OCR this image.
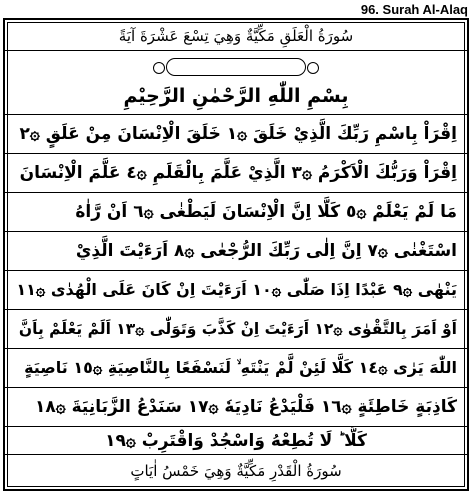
96. Surah Al-Alaq
سُورَةُ الْعَلَقِ مَكِّيَّةٌ وَهِيَ تِسْعَ عَشْرَةَ آيَةً
بِسْمِ اللّٰهِ الرَّحْمٰنِ الرَّحِيْمِ
اِقْرَاْ بِاسْمِ رَبِّكَ الَّذِيْ خَلَقَ ۞١ خَلَقَ الْاِنْسَانَ مِنْ عَلَقٍ ۞٢
اِقْرَاْ وَرَبُّكَ الْاَكْرَمُ ۞٣ الَّذِيْ عَلَّمَ بِالْقَلَمِ ۞٤ عَلَّمَ الْاِنْسَانَ
مَا لَمْ يَعْلَمْ ۞٥ كَلَّا اِنَّ الْاِنْسَانَ لَيَطْغٰى ۞٦ اَنْ رَّاٰهُ
اسْتَغْنٰى ۞٧ اِنَّ اِلٰى رَبِّكَ الرُّجْعٰى ۞٨ اَرَءَيْتَ الَّذِيْ
يَنْهٰى ۞٩ عَبْدًا اِذَا صَلّٰى ۞١٠ اَرَءَيْتَ اِنْ كَانَ عَلَى الْهُدٰى ۞١١
اَوْ اَمَرَ بِالتَّقْوٰى ۞١٢ اَرَءَيْتَ اِنْ كَذَّبَ وَتَوَلّٰى ۞١٣ اَلَمْ يَعْلَمْ بِاَنَّ
اللّٰهَ يَرٰى ۞١٤ كَلَّا لَئِنْ لَّمْ يَنْتَهِ ۙ لَنَسْفَعًا بِالنَّاصِيَةِ ۞١٥ نَاصِيَةٍ
كَاذِبَةٍ خَاطِئَةٍ ۞١٦ فَلْيَدْعُ نَادِيَهٗ ۞١٧ سَنَدْعُ الزَّبَانِيَةَ ۞١٨
كَلَّا ؕ لَا تُطِعْهُ وَاسْجُدْ وَاقْتَرِبْ ۞١٩
سُورَةُ الْقَدْرِ مَكِّيَّةٌ وَهِيَ خَمْسُ اٰيَاتٍ
